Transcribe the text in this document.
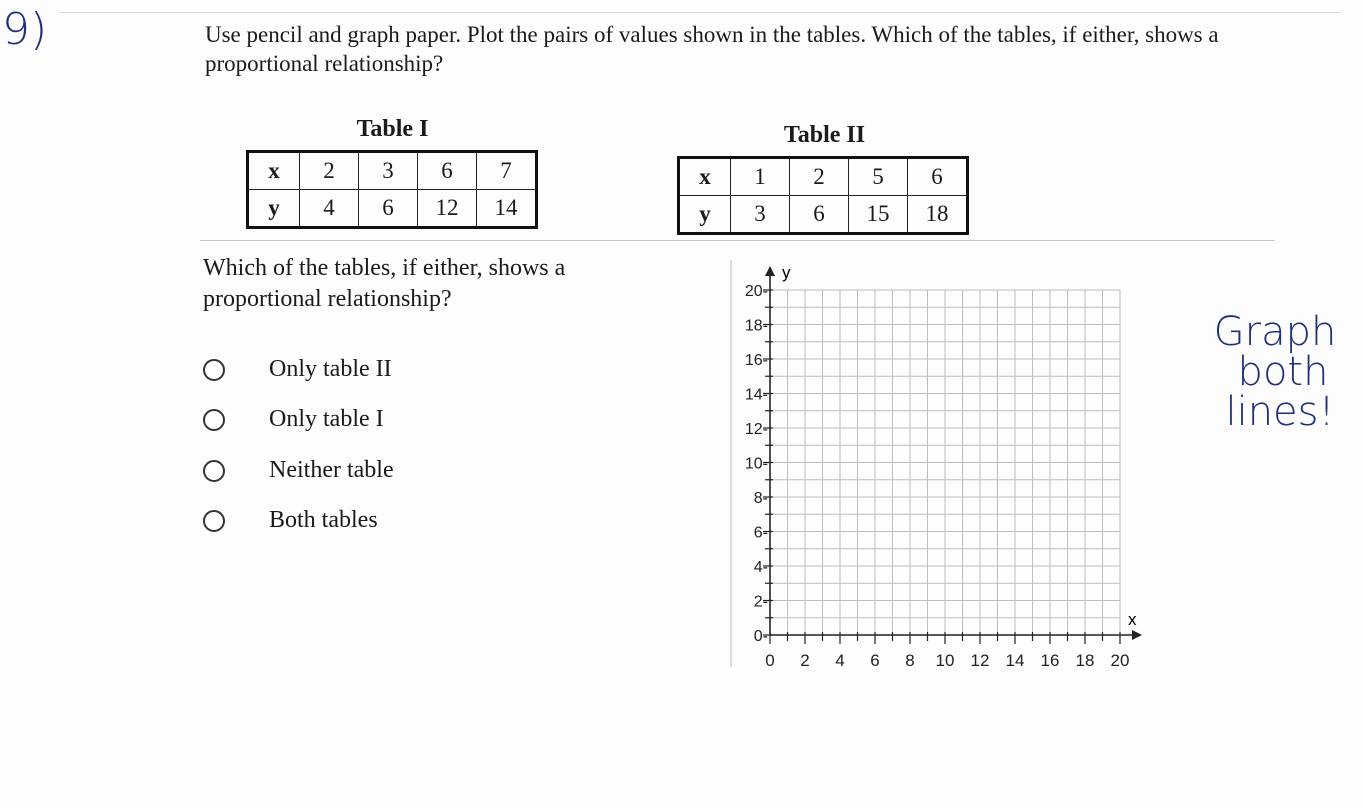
9)	Use pencil and graph paper. Plot the pairs of values shown in the tables. Which of the tables, if either, shows a proportional relationship?
Table I
x	2	3	6	7
y	4	6	12	14
Table II
x	1	2	5	6
y	3	6	15	18
Which of the tables, if either, shows a proportional relationship?
Only table II
Only table I
Neither table
Both tables
0 2 4 6 8 10 12 14 16 18 20
0-
2-
4-
6-
8-
10-
12-
14-
16-
18-
20-
y
x
Graph
both
lines!
